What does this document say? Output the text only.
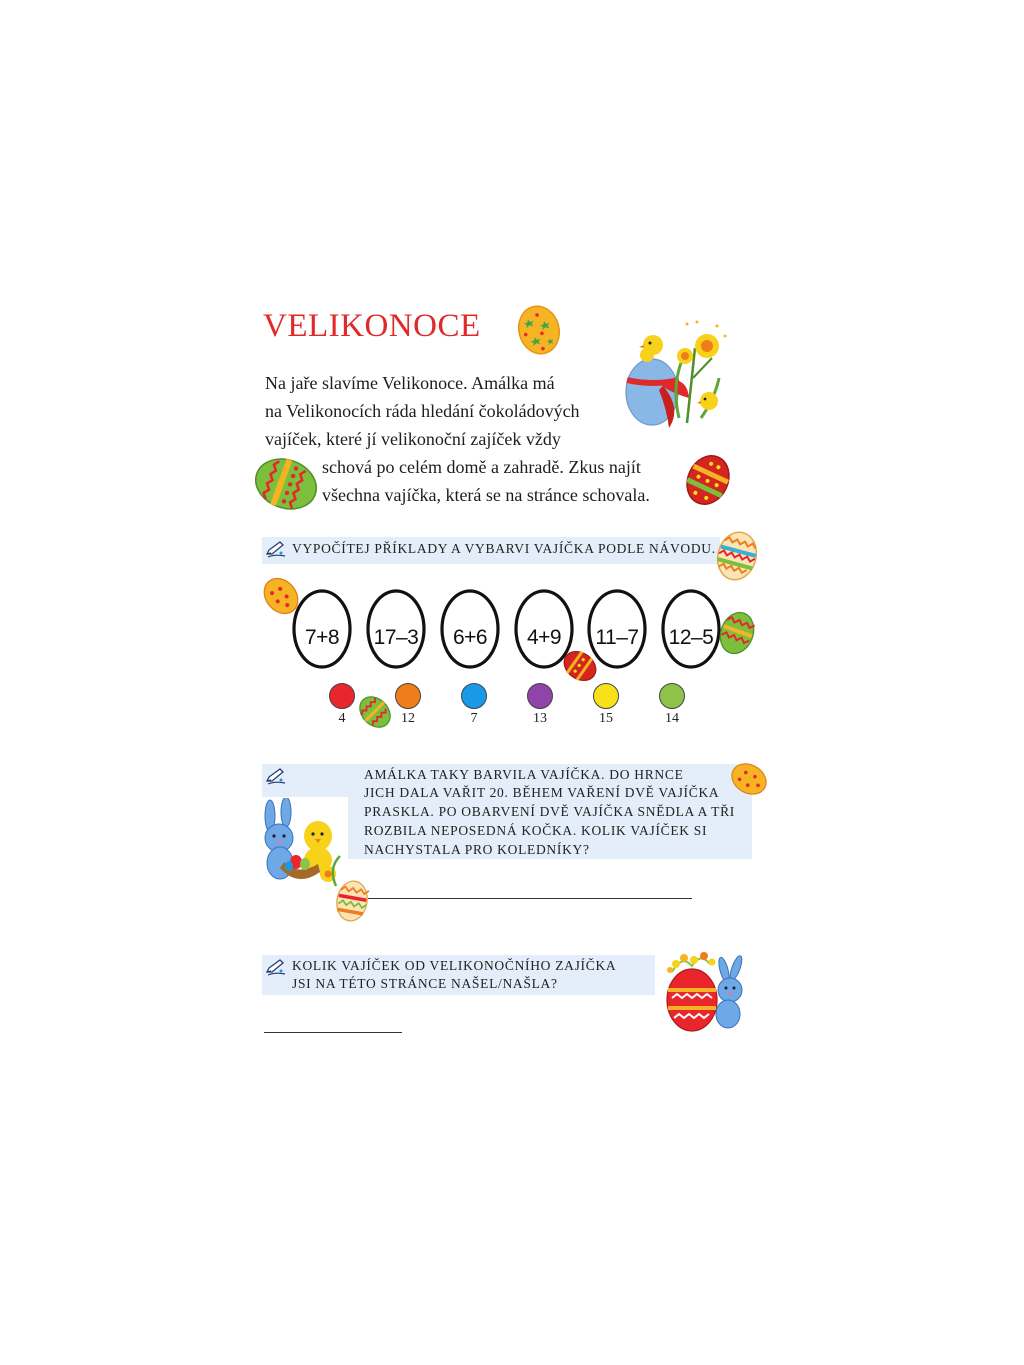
VELIKONOCE
Na jaře slavíme Velikonoce. Amálka má
na Velikonocích ráda hledání čokoládových
vajíček, které jí velikonoční zajíček vždy
schová po celém domě a zahradě. Zkus najít
všechna vajíčka, která se na stránce schovala.
VYPOČÍTEJ PŘÍKLADY A VYBARVI VAJÍČKA PODLE NÁVODU.
7+8 17–3 6+6 4+9 11–7 12–5
4	12	7	13	15	14
AMÁLKA TAKY BARVILA VAJÍČKA. DO HRNCE
JICH DALA VAŘIT 20. BĚHEM VAŘENÍ DVĚ VAJÍČKA
PRASKLA. PO OBARVENÍ DVĚ VAJÍČKA SNĚDLA A TŘI
ROZBILA NEPOSEDNÁ KOČKA. KOLIK VAJÍČEK SI
NACHYSTALA PRO KOLEDNÍKY?
KOLIK VAJÍČEK OD VELIKONOČNÍHO ZAJÍČKA
JSI NA TÉTO STRÁNCE NAŠEL/NAŠLA?
